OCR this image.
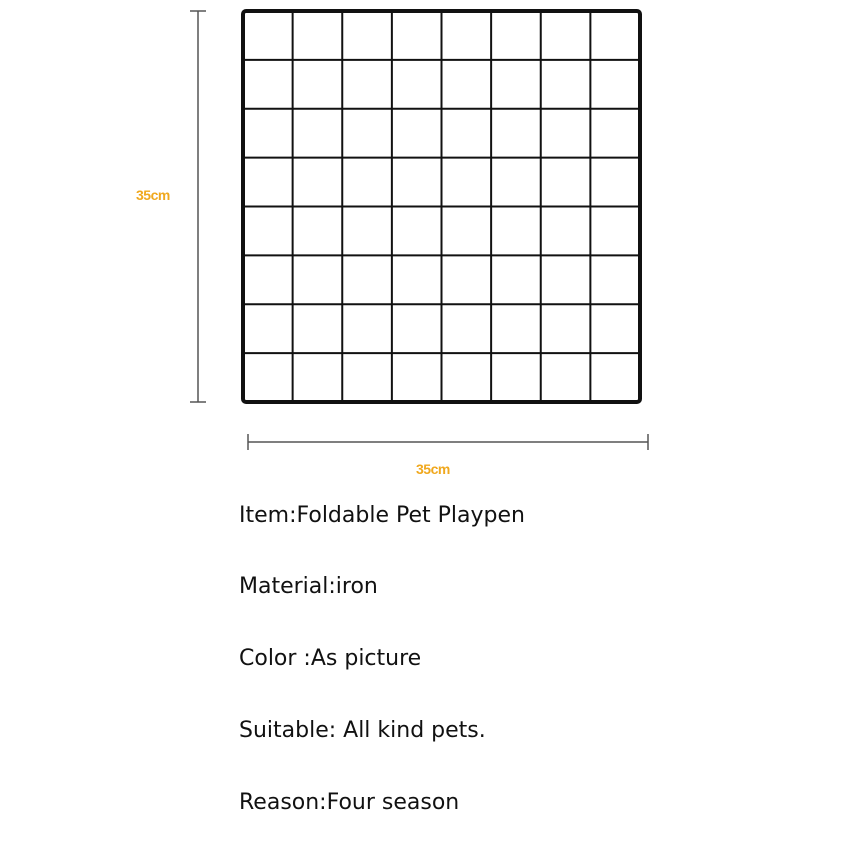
35cm
35cm
Item:Foldable Pet Playpen
Material:iron
Color :As picture
Suitable: All kind pets.
Reason:Four season
